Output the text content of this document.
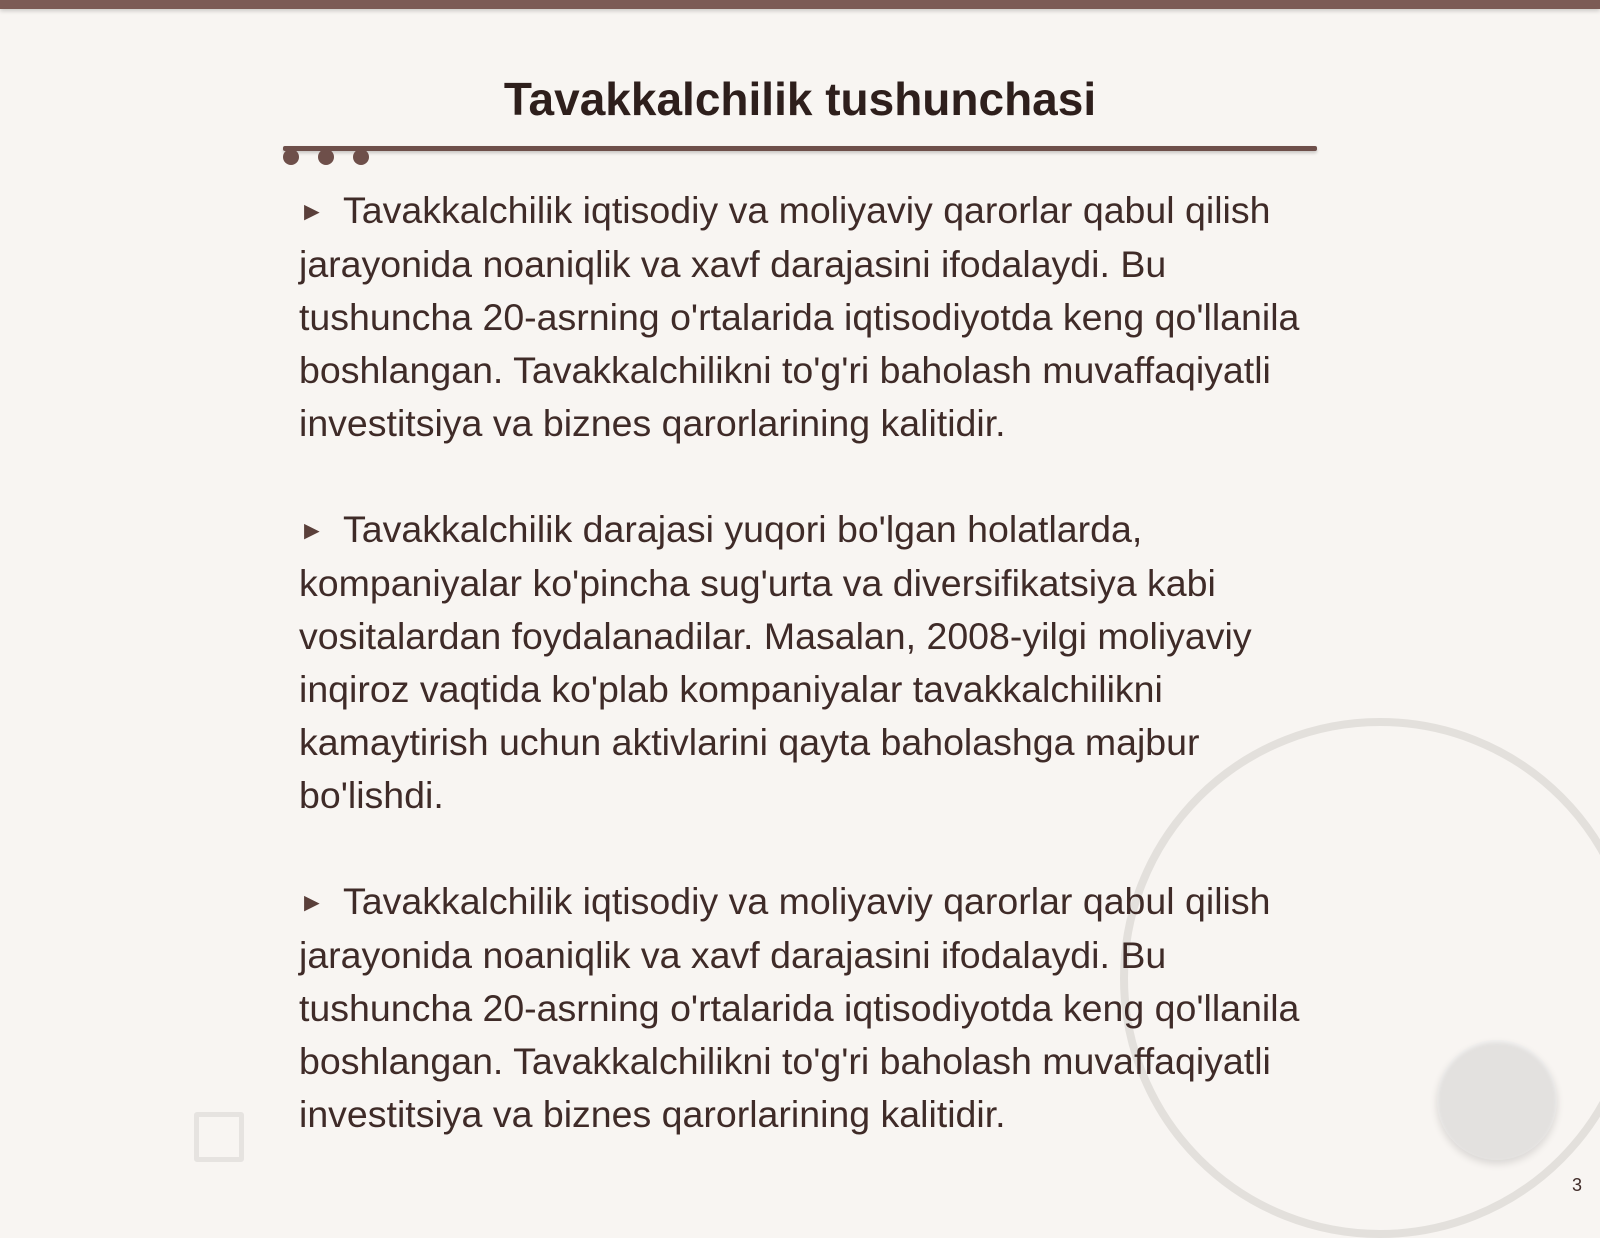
Tavakkalchilik tushunchasi

► Tavakkalchilik iqtisodiy va moliyaviy qarorlar qabul qilish jarayonida noaniqlik va xavf darajasini ifodalaydi. Bu tushuncha 20-asrning o'rtalarida iqtisodiyotda keng qo'llanila boshlangan. Tavakkalchilikni to'g'ri baholash muvaffaqiyatli investitsiya va biznes qarorlarining kalitidir.

► Tavakkalchilik darajasi yuqori bo'lgan holatlarda, kompaniyalar ko'pincha sug'urta va diversifikatsiya kabi vositalardan foydalanadilar. Masalan, 2008-yilgi moliyaviy inqiroz vaqtida ko'plab kompaniyalar tavakkalchilikni kamaytirish uchun aktivlarini qayta baholashga majbur bo'lishdi.

► Tavakkalchilik iqtisodiy va moliyaviy qarorlar qabul qilish jarayonida noaniqlik va xavf darajasini ifodalaydi. Bu tushuncha 20-asrning o'rtalarida iqtisodiyotda keng qo'llanila boshlangan. Tavakkalchilikni to'g'ri baholash muvaffaqiyatli investitsiya va biznes qarorlarining kalitidir.

3
